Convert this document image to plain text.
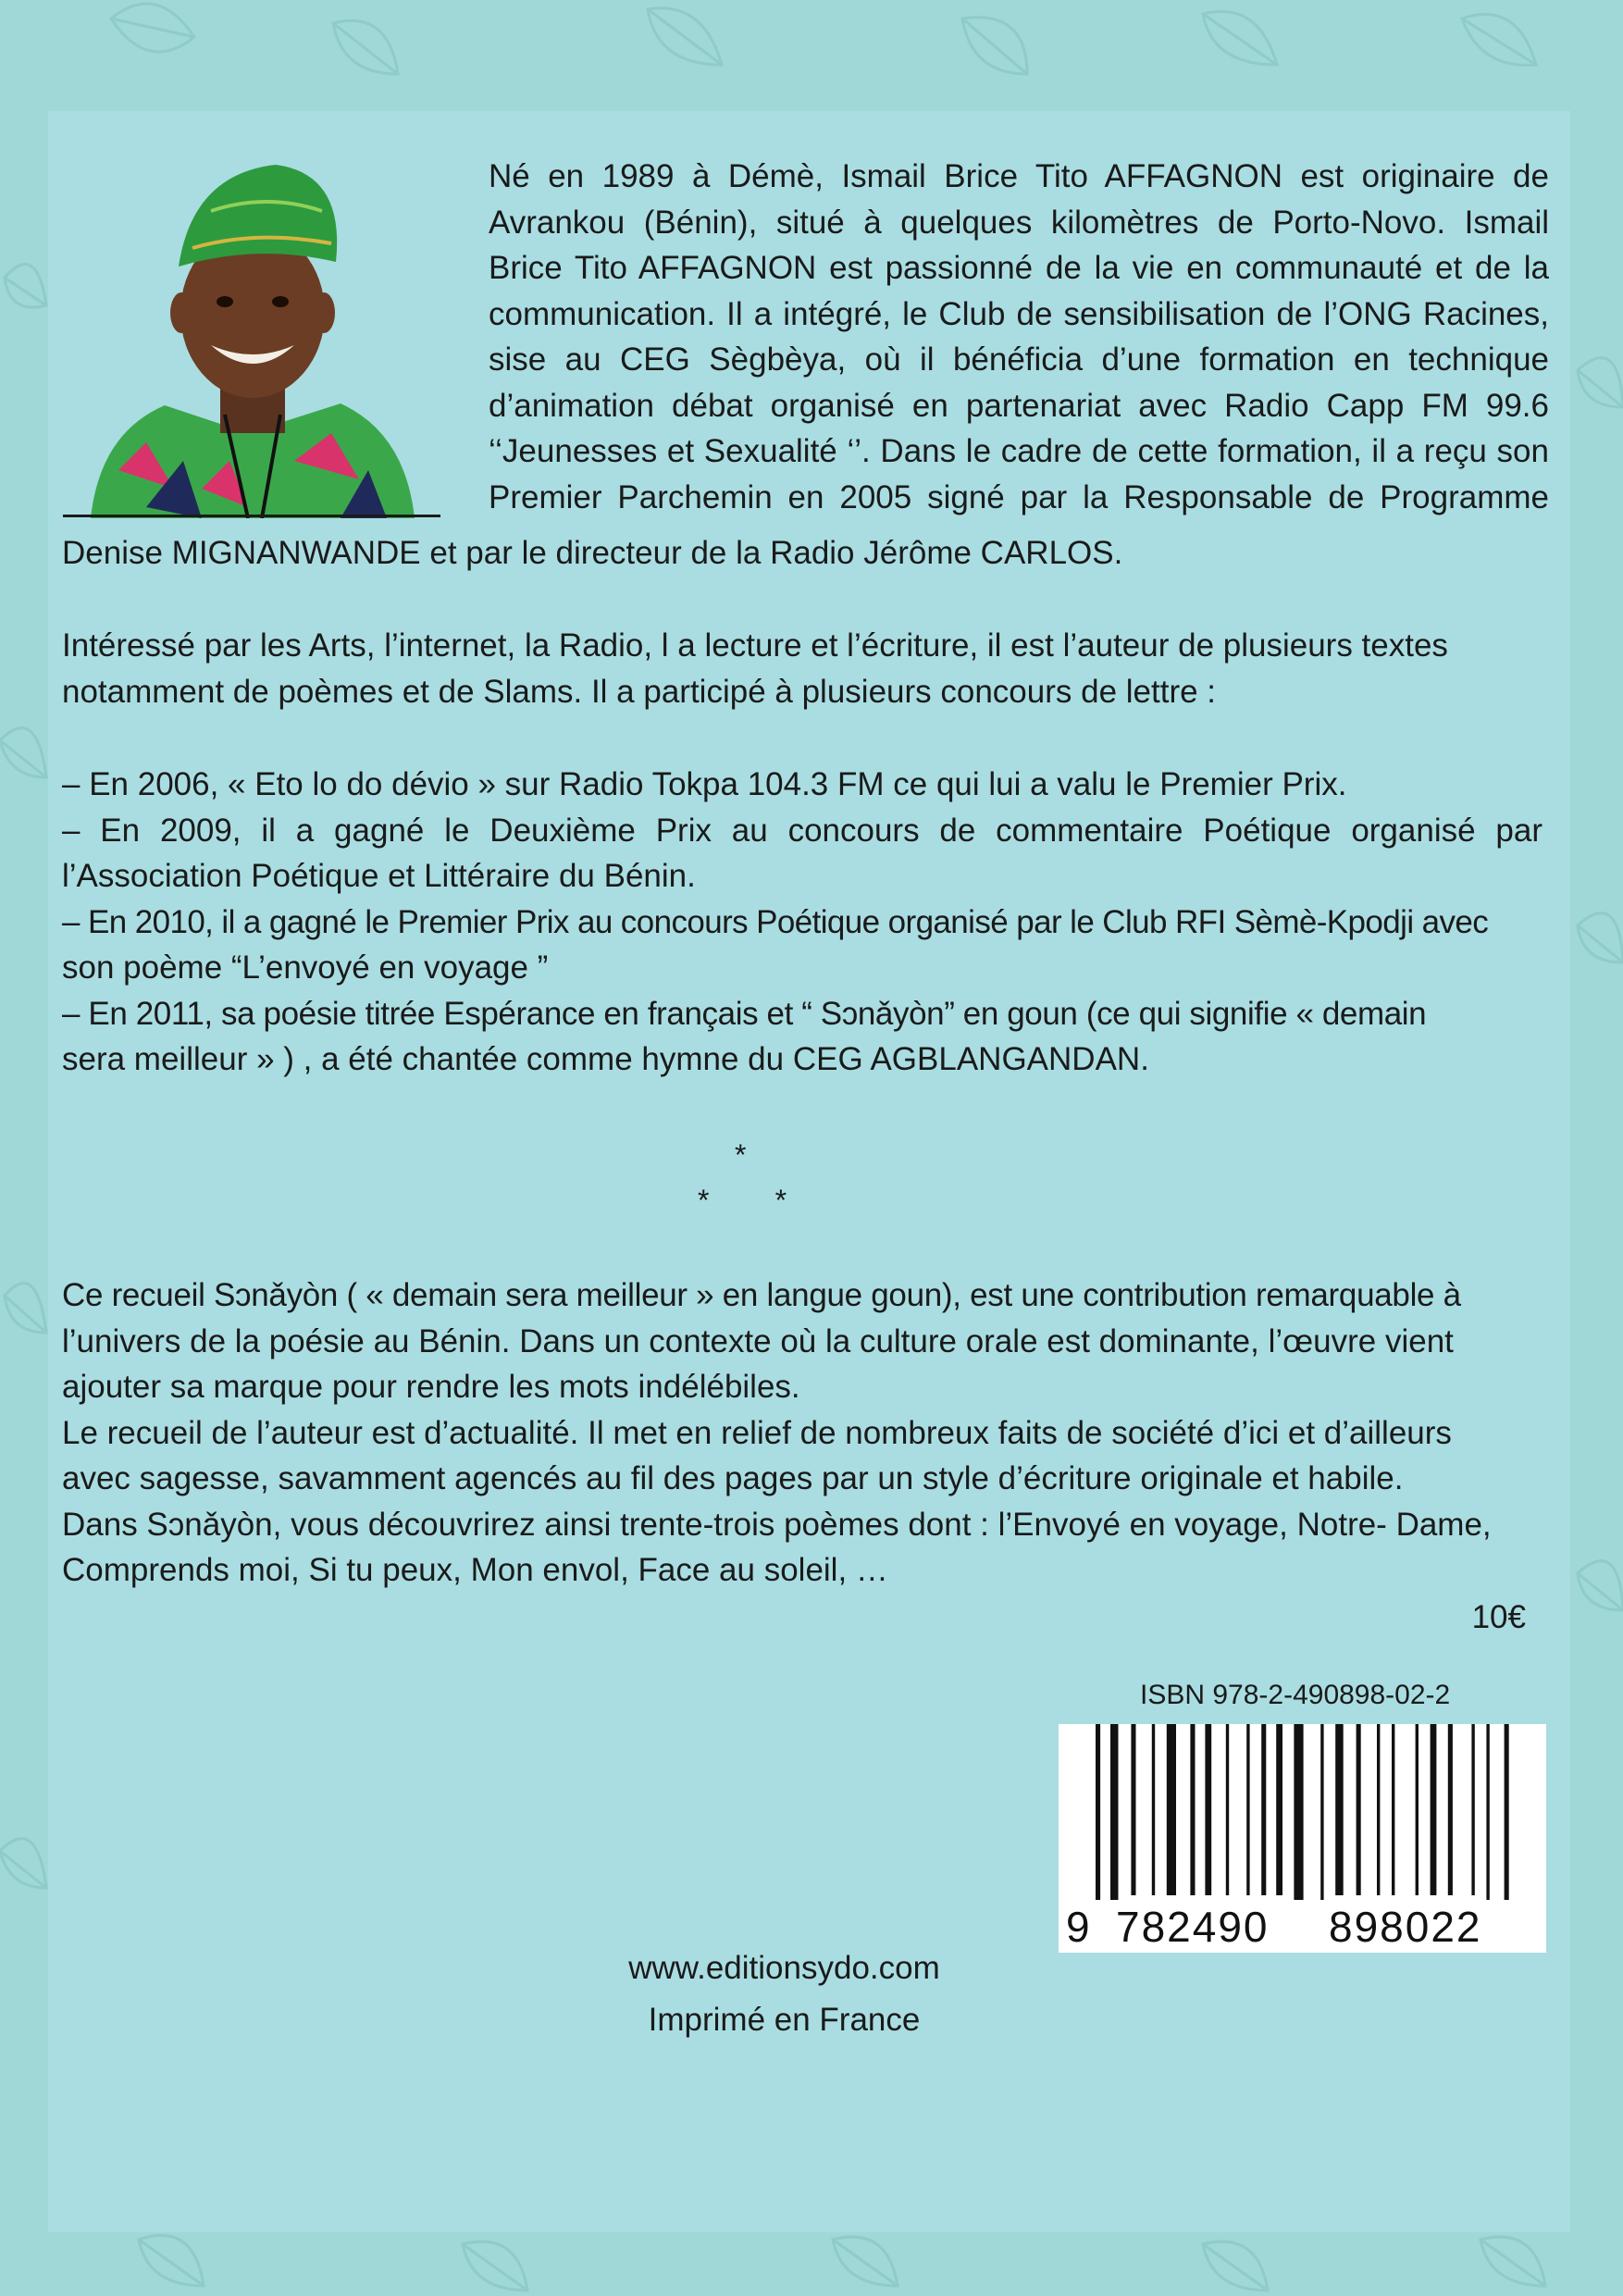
Né en 1989 à Démè, Ismail Brice Tito AFFAGNON est originaire de
Avrankou (Bénin), situé à quelques kilomètres de Porto-Novo. Ismail
Brice Tito AFFAGNON est passionné de la vie en communauté et de la
communication. Il a intégré, le Club de sensibilisation de l’ONG Racines,
sise au CEG Sègbèya, où il bénéficia d’une formation en technique
d’animation débat organisé en partenariat avec Radio Capp FM 99.6
‘‘Jeunesses et Sexualité ‘’. Dans le cadre de cette formation, il a reçu son
Premier Parchemin en 2005 signé par la Responsable de Programme
Denise MIGNANWANDE et par le directeur de la Radio Jérôme CARLOS.
Intéressé par les Arts, l’internet, la Radio, l a lecture et l’écriture, il est l’auteur de plusieurs textes
notamment de poèmes et de Slams. Il a participé à plusieurs concours de lettre :
– En 2006, « Eto lo do dévio » sur Radio Tokpa 104.3 FM ce qui lui a valu le Premier Prix.
– En 2009, il a gagné le Deuxième Prix au concours de commentaire Poétique organisé par
l’Association Poétique et Littéraire du Bénin.
– En 2010, il a gagné le Premier Prix au concours Poétique organisé par le Club RFI Sèmè-Kpodji avec
son poème “L’envoyé en voyage ”
– En 2011, sa poésie titrée Espérance en français et “ Sɔnǎyòn” en goun (ce qui signifie « demain
sera meilleur » ) , a été chantée comme hymne du CEG AGBLANGANDAN.
*
*        *
Ce recueil Sɔnǎyòn ( « demain sera meilleur » en langue goun), est une contribution remarquable à
l’univers de la poésie au Bénin. Dans un contexte où la culture orale est dominante, l’œuvre vient
ajouter sa marque pour rendre les mots indélébiles.
Le recueil de l’auteur est d’actualité. Il met en relief de nombreux faits de société d’ici et d’ailleurs
avec sagesse, savamment agencés au fil des pages par un style d’écriture originale et habile.
Dans Sɔnǎyòn, vous découvrirez ainsi trente-trois poèmes dont : l’Envoyé en voyage, Notre- Dame,
Comprends moi, Si tu peux, Mon envol, Face au soleil, …
10€
ISBN 978-2-490898-02-2
9 782490 898022
www.editionsydo.com
Imprimé en France
